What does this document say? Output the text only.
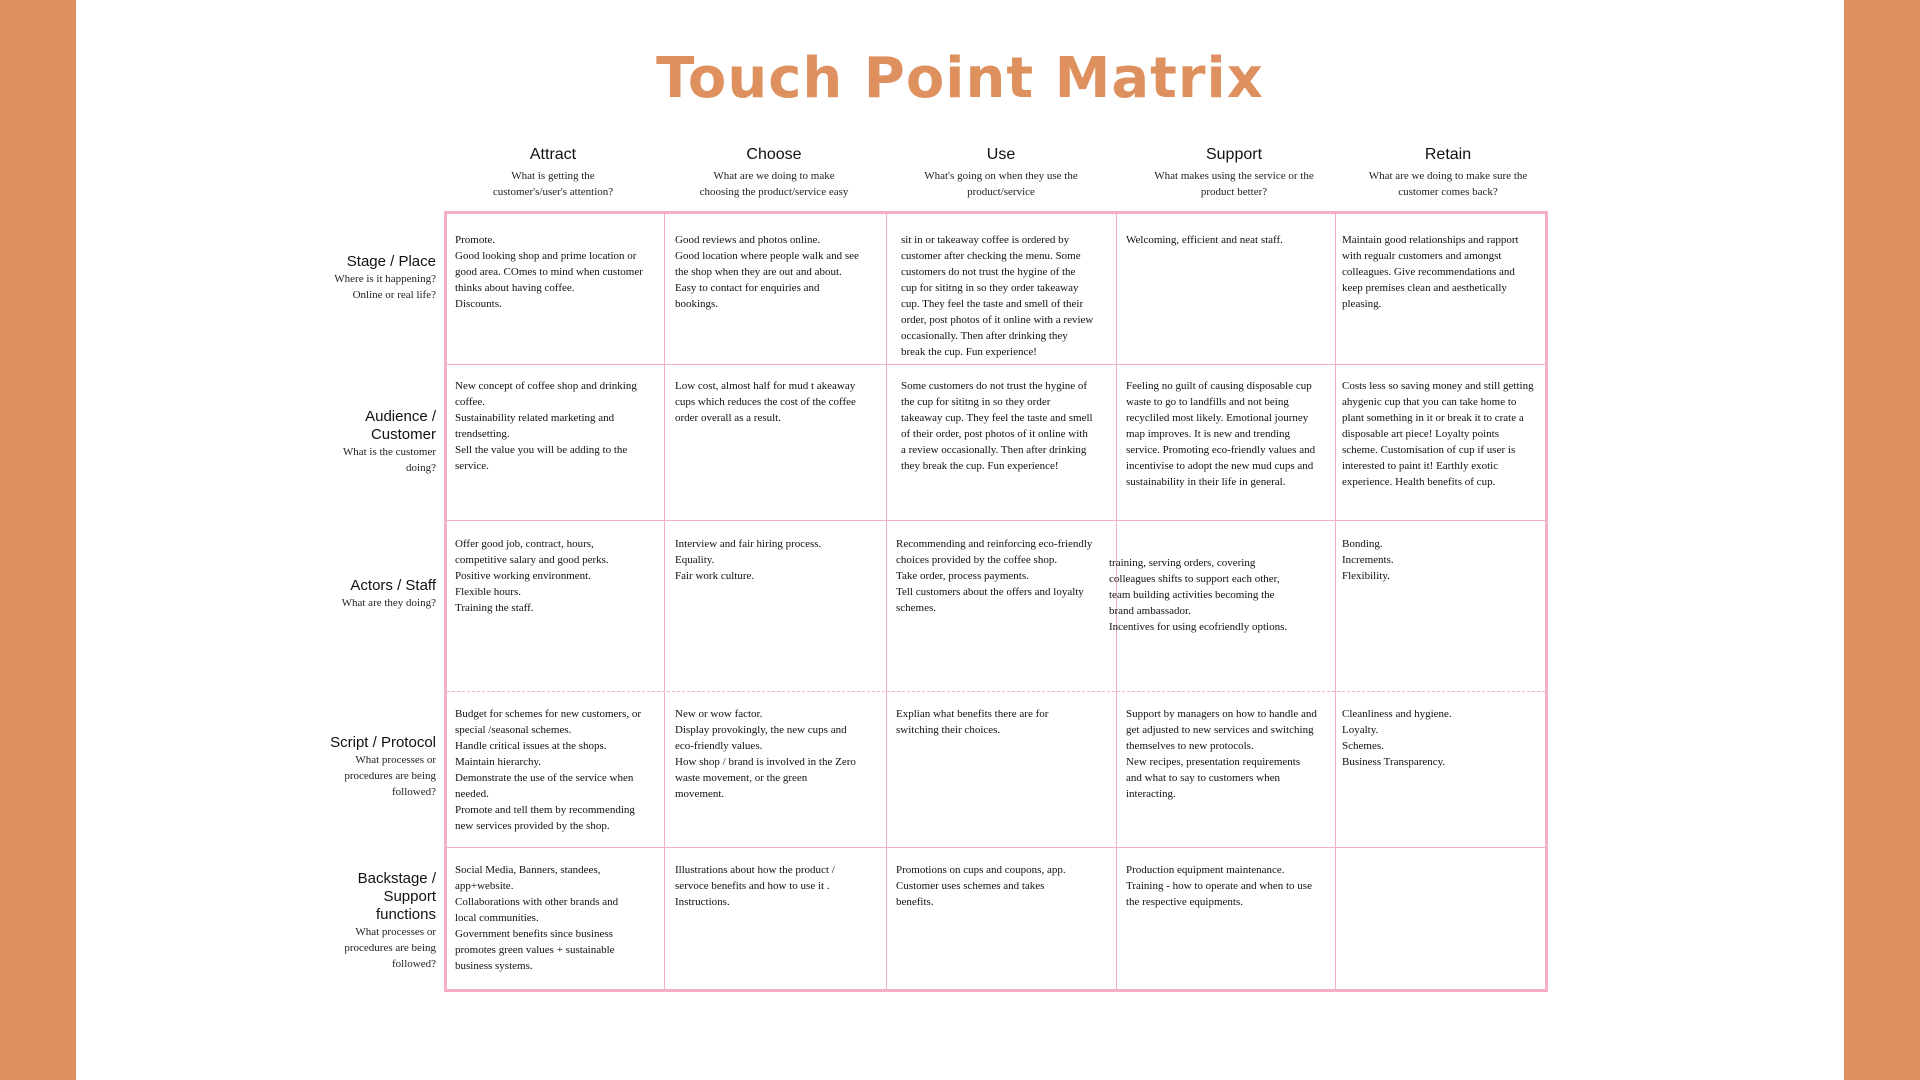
Touch Point Matrix
Attract
What is getting the
customer's/user's attention?
Choose
What are we doing to make
choosing the product/service easy
Use
What's going on when they use the
product/service
Support
What makes using the service or the
product better?
Retain
What are we doing to make sure the
customer comes back?
Stage / Place
Where is it happening?
Online or real life?
Audience /
Customer
What is the customer
doing?
Actors / Staff
What are they doing?
Script / Protocol
What processes or
procedures are being
followed?
Backstage /
Support
functions
What processes or
procedures are being
followed?
Promote.
Good looking shop and prime location or
good area. COmes to mind when customer
thinks about having coffee.
Discounts.
Good reviews and photos online.
Good location where people walk and see
the shop when they are out and about.
Easy to contact for enquiries and
bookings.
sit in or takeaway coffee is ordered by
customer after checking the menu. Some
customers do not trust the hygine of the
cup for sititng in so they order takeaway
cup. They feel the taste and smell of their
order, post photos of it online with a review
occasionally. Then after drinking they
break the cup. Fun experience!
Welcoming, efficient and neat staff.	Maintain good relationships and rapport
with regualr customers and amongst
colleagues. Give recommendations and
keep premises clean and aesthetically
pleasing.
New concept of coffee shop and drinking
coffee.
Sustainability related marketing and
trendsetting.
Sell the value you will be adding to the
service.
Low cost, almost half for mud t akeaway
cups which reduces the cost of the coffee
order overall as a result.
Some customers do not trust the hygine of
the cup for sititng in so they order
takeaway cup. They feel the taste and smell
of their order, post photos of it online with
a review occasionally. Then after drinking
they break the cup. Fun experience!
Feeling no guilt of causing disposable cup
waste to go to landfills and not being
recycliled most likely. Emotional journey
map improves. It is new and trending
service. Promoting eco-friendly values and
incentivise to adopt the new mud cups and
sustainability in their life in general.
Costs less so saving money and still getting
ahygenic cup that you can take home to
plant something in it or break it to crate a
disposable art piece! Loyalty points
scheme. Customisation of cup if user is
interested to paint it! Earthly exotic
experience. Health benefits of cup.
Offer good job, contract, hours,
competitive salary and good perks.
Positive working environment.
Flexible hours.
Training the staff.
Interview and fair hiring process.
Equality.
Fair work culture.
Recommending and reinforcing eco-friendly
choices provided by the coffee shop.
Take order, process payments.
Tell customers about the offers and loyalty
schemes.
training, serving orders, covering
colleagues shifts to support each other,
team building activities becoming the
brand ambassador.
Incentives for using ecofriendly options.
Bonding.
Increments.
Flexibility.
Budget for schemes for new customers, or
special /seasonal schemes.
Handle critical issues at the shops.
Maintain hierarchy.
Demonstrate the use of the service when
needed.
Promote and tell them by recommending
new services provided by the shop.
New or wow factor.
Display provokingly, the new cups and
eco-friendly values.
How shop / brand is involved in the Zero
waste movement, or the green
movement.
Explian what benefits there are for
switching their choices.
Support by managers on how to handle and
get adjusted to new services and switching
themselves to new protocols.
New recipes, presentation requirements
and what to say to customers when
interacting.
Cleanliness and hygiene.
Loyalty.
Schemes.
Business Transparency.
Social Media, Banners, standees,
app+website.
Collaborations with other brands and
local communities.
Government benefits since business
promotes green values + sustainable
business systems.
Illustrations about how the product /
servoce benefits and how to use it .
Instructions.
Promotions on cups and coupons, app.
Customer uses schemes and takes
benefits.
Production equipment maintenance.
Training - how to operate and when to use
the respective equipments.
